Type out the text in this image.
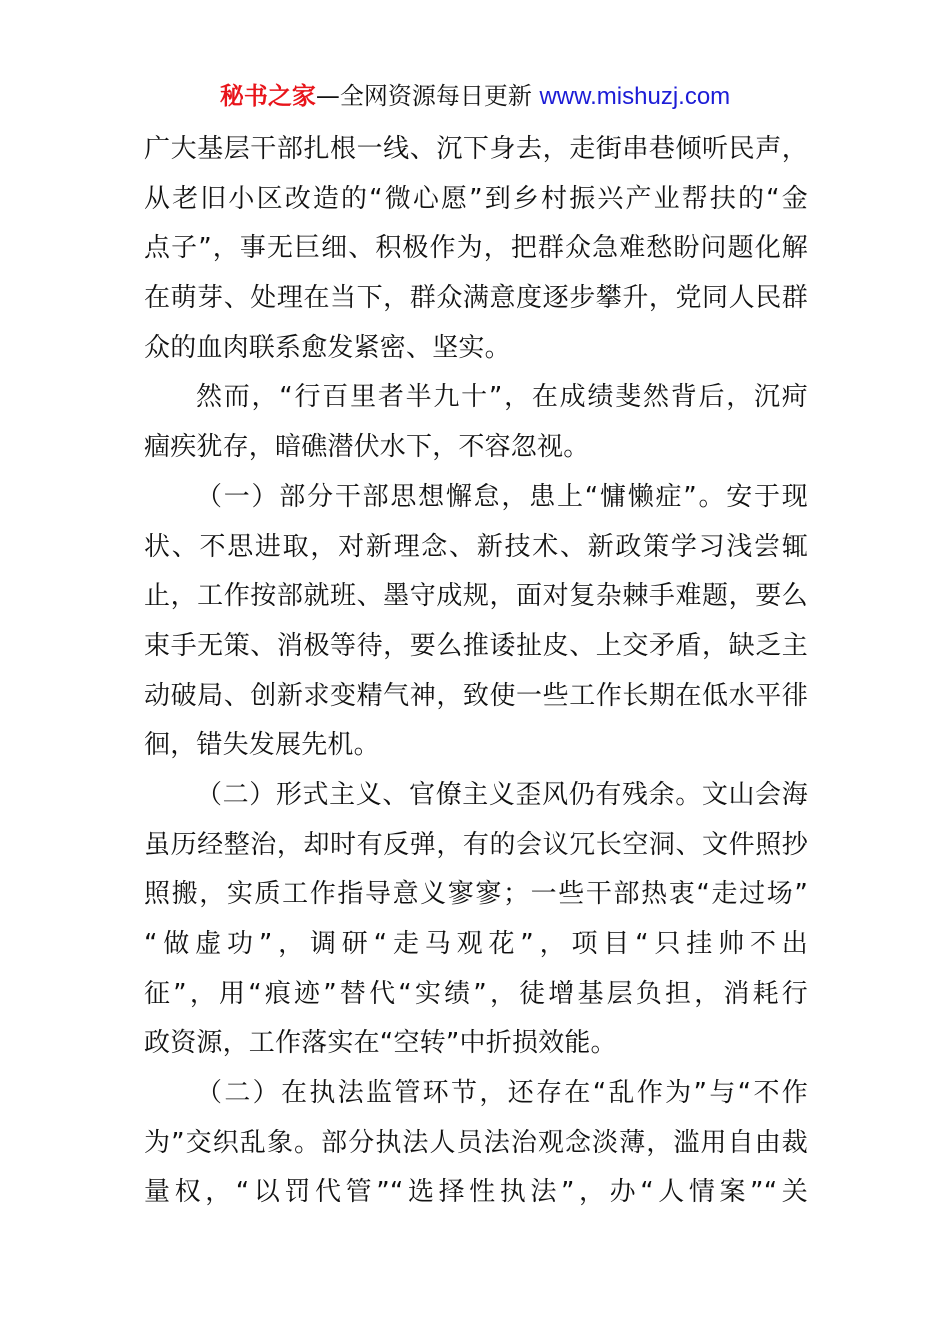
秘书之家—全网资源每日更新 www.mishuzj.com
广大基层干部扎根一线、沉下身去，走街串巷倾听民声，
从老旧小区改造的“微心愿”到乡村振兴产业帮扶的“金
点子”，事无巨细、积极作为，把群众急难愁盼问题化解
在萌芽、处理在当下，群众满意度逐步攀升，党同人民群
众的血肉联系愈发紧密、坚实。
然而，“行百里者半九十”，在成绩斐然背后，沉疴
痼疾犹存，暗礁潜伏水下，不容忽视。
（一）部分干部思想懈怠，患上“慵懒症”。安于现
状、不思进取，对新理念、新技术、新政策学习浅尝辄
止，工作按部就班、墨守成规，面对复杂棘手难题，要么
束手无策、消极等待，要么推诿扯皮、上交矛盾，缺乏主
动破局、创新求变精气神，致使一些工作长期在低水平徘
徊，错失发展先机。
（二）形式主义、官僚主义歪风仍有残余。文山会海
虽历经整治，却时有反弹，有的会议冗长空洞、文件照抄
照搬，实质工作指导意义寥寥；一些干部热衷“走过场”
“做虚功”，调研“走马观花”，项目“只挂帅不出
征”，用“痕迹”替代“实绩”，徒增基层负担，消耗行
政资源，工作落实在“空转”中折损效能。
（二）在执法监管环节，还存在“乱作为”与“不作
为”交织乱象。部分执法人员法治观念淡薄，滥用自由裁
量权，“以罚代管”“选择性执法”，办“人情案”“关
